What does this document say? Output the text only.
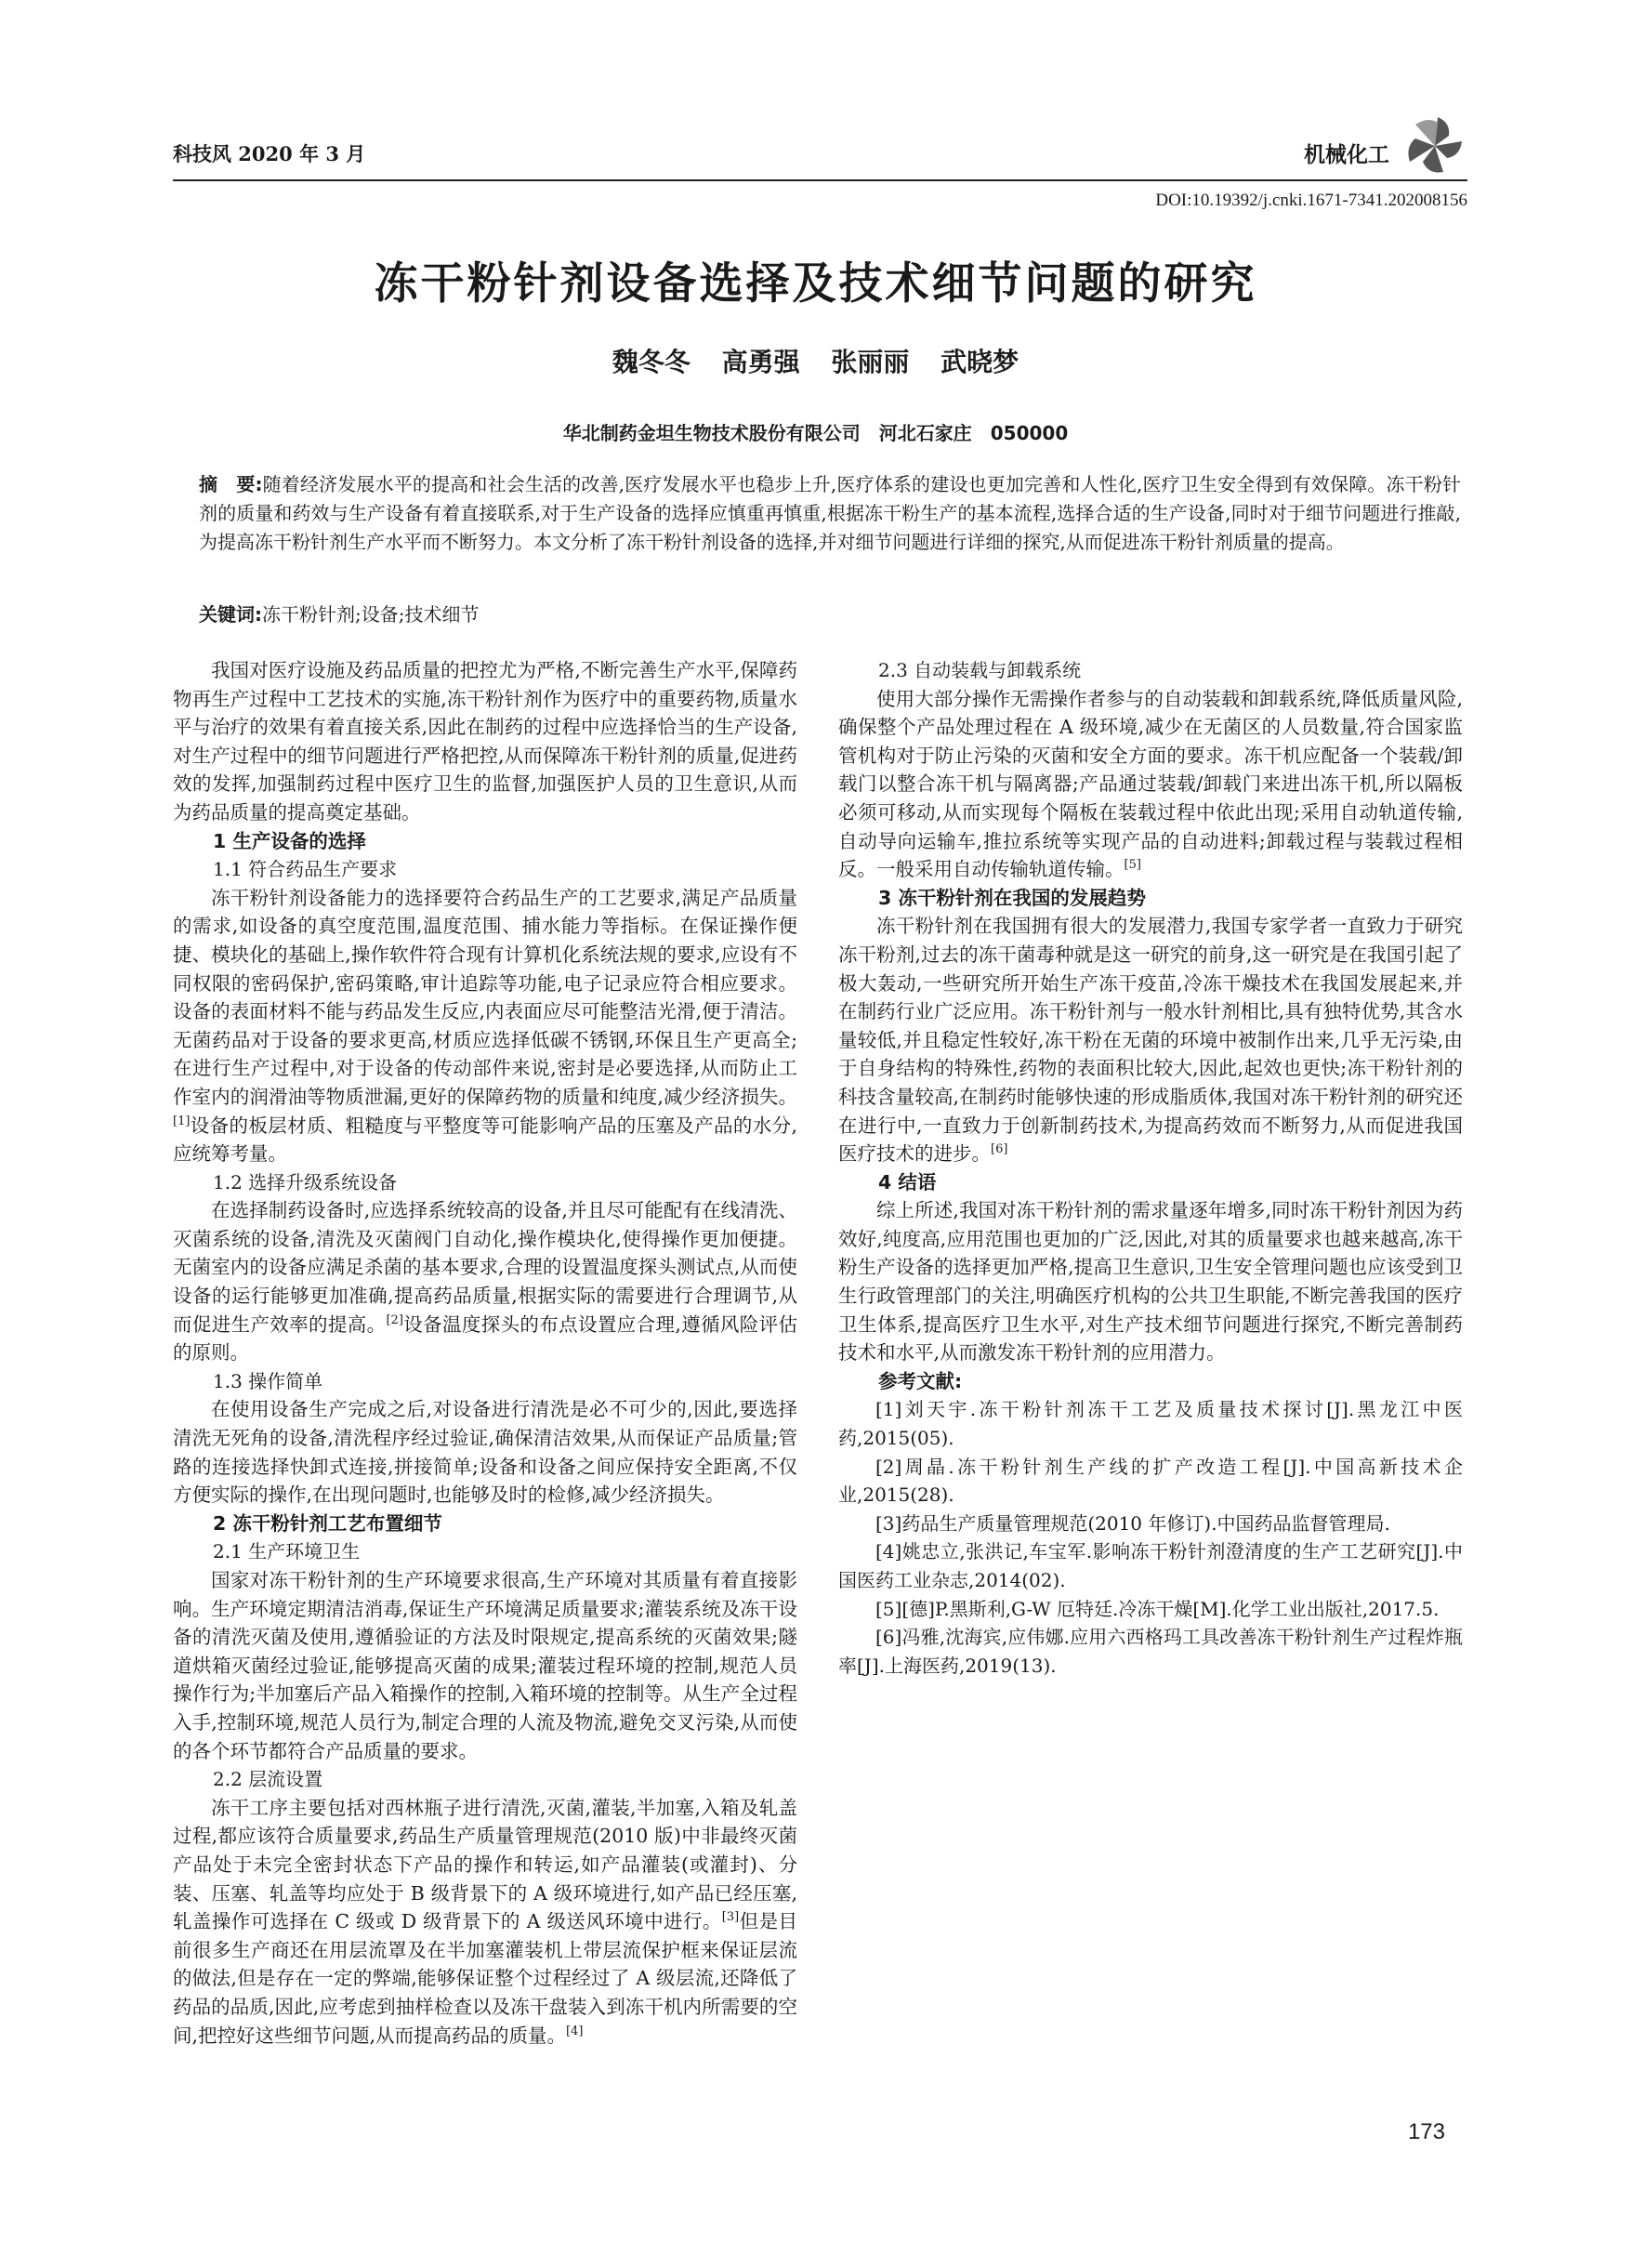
科技风 2020 年 3 月	机械化工
DOI:10.19392/j.cnki.1671-7341.202008156
冻干粉针剂设备选择及技术细节问题的研究
魏冬冬 高勇强 张丽丽 武晓梦
华北制药金坦生物技术股份有限公司　河北石家庄　050000
摘　要:随着经济发展水平的提高和社会生活的改善,医疗发展水平也稳步上升,医疗体系的建设也更加完善和人性化,医疗卫生安全得到有效保障。冻干粉针剂的质量和药效与生产设备有着直接联系,对于生产设备的选择应慎重再慎重,根据冻干粉生产的基本流程,选择合适的生产设备,同时对于细节问题进行推敲,为提高冻干粉针剂生产水平而不断努力。本文分析了冻干粉针剂设备的选择,并对细节问题进行详细的探究,从而促进冻干粉针剂质量的提高。
关键词:冻干粉针剂;设备;技术细节

我国对医疗设施及药品质量的把控尤为严格,不断完善生产水平,保障药物再生产过程中工艺技术的实施,冻干粉针剂作为医疗中的重要药物,质量水平与治疗的效果有着直接关系,因此在制药的过程中应选择恰当的生产设备,对生产过程中的细节问题进行严格把控,从而保障冻干粉针剂的质量,促进药效的发挥,加强制药过程中医疗卫生的监督,加强医护人员的卫生意识,从而为药品质量的提高奠定基础。

1 生产设备的选择
1.1 符合药品生产要求

冻干粉针剂设备能力的选择要符合药品生产的工艺要求,满足产品质量的需求,如设备的真空度范围,温度范围、捕水能力等指标。在保证操作便捷、模块化的基础上,操作软件符合现有计算机化系统法规的要求,应设有不同权限的密码保护,密码策略,审计追踪等功能,电子记录应符合相应要求。设备的表面材料不能与药品发生反应,内表面应尽可能整洁光滑,便于清洁。无菌药品对于设备的要求更高,材质应选择低碳不锈钢,环保且生产更高全;在进行生产过程中,对于设备的传动部件来说,密封是必要选择,从而防止工作室内的润滑油等物质泄漏,更好的保障药物的质量和纯度,减少经济损失。[1]设备的板层材质、粗糙度与平整度等可能影响产品的压塞及产品的水分,应统筹考量。

1.2 选择升级系统设备

在选择制药设备时,应选择系统较高的设备,并且尽可能配有在线清洗、灭菌系统的设备,清洗及灭菌阀门自动化,操作模块化,使得操作更加便捷。无菌室内的设备应满足杀菌的基本要求,合理的设置温度探头测试点,从而使设备的运行能够更加准确,提高药品质量,根据实际的需要进行合理调节,从而促进生产效率的提高。[2]设备温度探头的布点设置应合理,遵循风险评估的原则。

1.3 操作简单

在使用设备生产完成之后,对设备进行清洗是必不可少的,因此,要选择清洗无死角的设备,清洗程序经过验证,确保清洁效果,从而保证产品质量;管路的连接选择快卸式连接,拼接简单;设备和设备之间应保持安全距离,不仅方便实际的操作,在出现问题时,也能够及时的检修,减少经济损失。

2 冻干粉针剂工艺布置细节
2.1 生产环境卫生

国家对冻干粉针剂的生产环境要求很高,生产环境对其质量有着直接影响。生产环境定期清洁消毒,保证生产环境满足质量要求;灌装系统及冻干设备的清洗灭菌及使用,遵循验证的方法及时限规定,提高系统的灭菌效果;隧道烘箱灭菌经过验证,能够提高灭菌的成果;灌装过程环境的控制,规范人员操作行为;半加塞后产品入箱操作的控制,入箱环境的控制等。从生产全过程入手,控制环境,规范人员行为,制定合理的人流及物流,避免交叉污染,从而使的各个环节都符合产品质量的要求。

2.2 层流设置

冻干工序主要包括对西林瓶子进行清洗,灭菌,灌装,半加塞,入箱及轧盖过程,都应该符合质量要求,药品生产质量管理规范(2010 版)中非最终灭菌产品处于未完全密封状态下产品的操作和转运,如产品灌装(或灌封)、分装、压塞、轧盖等均应处于 B 级背景下的 A 级环境进行,如产品已经压塞,轧盖操作可选择在 C 级或 D 级背景下的 A 级送风环境中进行。[3]但是目前很多生产商还在用层流罩及在半加塞灌装机上带层流保护框来保证层流的做法,但是存在一定的弊端,能够保证整个过程经过了 A 级层流,还降低了药品的品质,因此,应考虑到抽样检查以及冻干盘装入到冻干机内所需要的空间,把控好这些细节问题,从而提高药品的质量。[4]

2.3 自动装载与卸载系统

使用大部分操作无需操作者参与的自动装载和卸载系统,降低质量风险,确保整个产品处理过程在 A 级环境,减少在无菌区的人员数量,符合国家监管机构对于防止污染的灭菌和安全方面的要求。冻干机应配备一个装载/卸载门以整合冻干机与隔离器;产品通过装载/卸载门来进出冻干机,所以隔板必须可移动,从而实现每个隔板在装载过程中依此出现;采用自动轨道传输,自动导向运输车,推拉系统等实现产品的自动进料;卸载过程与装载过程相反。一般采用自动传输轨道传输。[5]

3 冻干粉针剂在我国的发展趋势

冻干粉针剂在我国拥有很大的发展潜力,我国专家学者一直致力于研究冻干粉剂,过去的冻干菌毒种就是这一研究的前身,这一研究是在我国引起了极大轰动,一些研究所开始生产冻干疫苗,冷冻干燥技术在我国发展起来,并在制药行业广泛应用。冻干粉针剂与一般水针剂相比,具有独特优势,其含水量较低,并且稳定性较好,冻干粉在无菌的环境中被制作出来,几乎无污染,由于自身结构的特殊性,药物的表面积比较大,因此,起效也更快;冻干粉针剂的科技含量较高,在制药时能够快速的形成脂质体,我国对冻干粉针剂的研究还在进行中,一直致力于创新制药技术,为提高药效而不断努力,从而促进我国医疗技术的进步。[6]

4 结语

综上所述,我国对冻干粉针剂的需求量逐年增多,同时冻干粉针剂因为药效好,纯度高,应用范围也更加的广泛,因此,对其的质量要求也越来越高,冻干粉生产设备的选择更加严格,提高卫生意识,卫生安全管理问题也应该受到卫生行政管理部门的关注,明确医疗机构的公共卫生职能,不断完善我国的医疗卫生体系,提高医疗卫生水平,对生产技术细节问题进行探究,不断完善制药技术和水平,从而激发冻干粉针剂的应用潜力。

参考文献:

[1]刘天宇.冻干粉针剂冻干工艺及质量技术探讨[J].黑龙江中医药,2015(05).

[2]周晶.冻干粉针剂生产线的扩产改造工程[J].中国高新技术企业,2015(28).

[3]药品生产质量管理规范(2010 年修订).中国药品监督管理局.

[4]姚忠立,张洪记,车宝军.影响冻干粉针剂澄清度的生产工艺研究[J].中国医药工业杂志,2014(02).

[5][德]P.黑斯利,G-W 厄特廷.冷冻干燥[M].化学工业出版社,2017.5.

[6]冯雅,沈海宾,应伟娜.应用六西格玛工具改善冻干粉针剂生产过程炸瓶率[J].上海医药,2019(13).

173
